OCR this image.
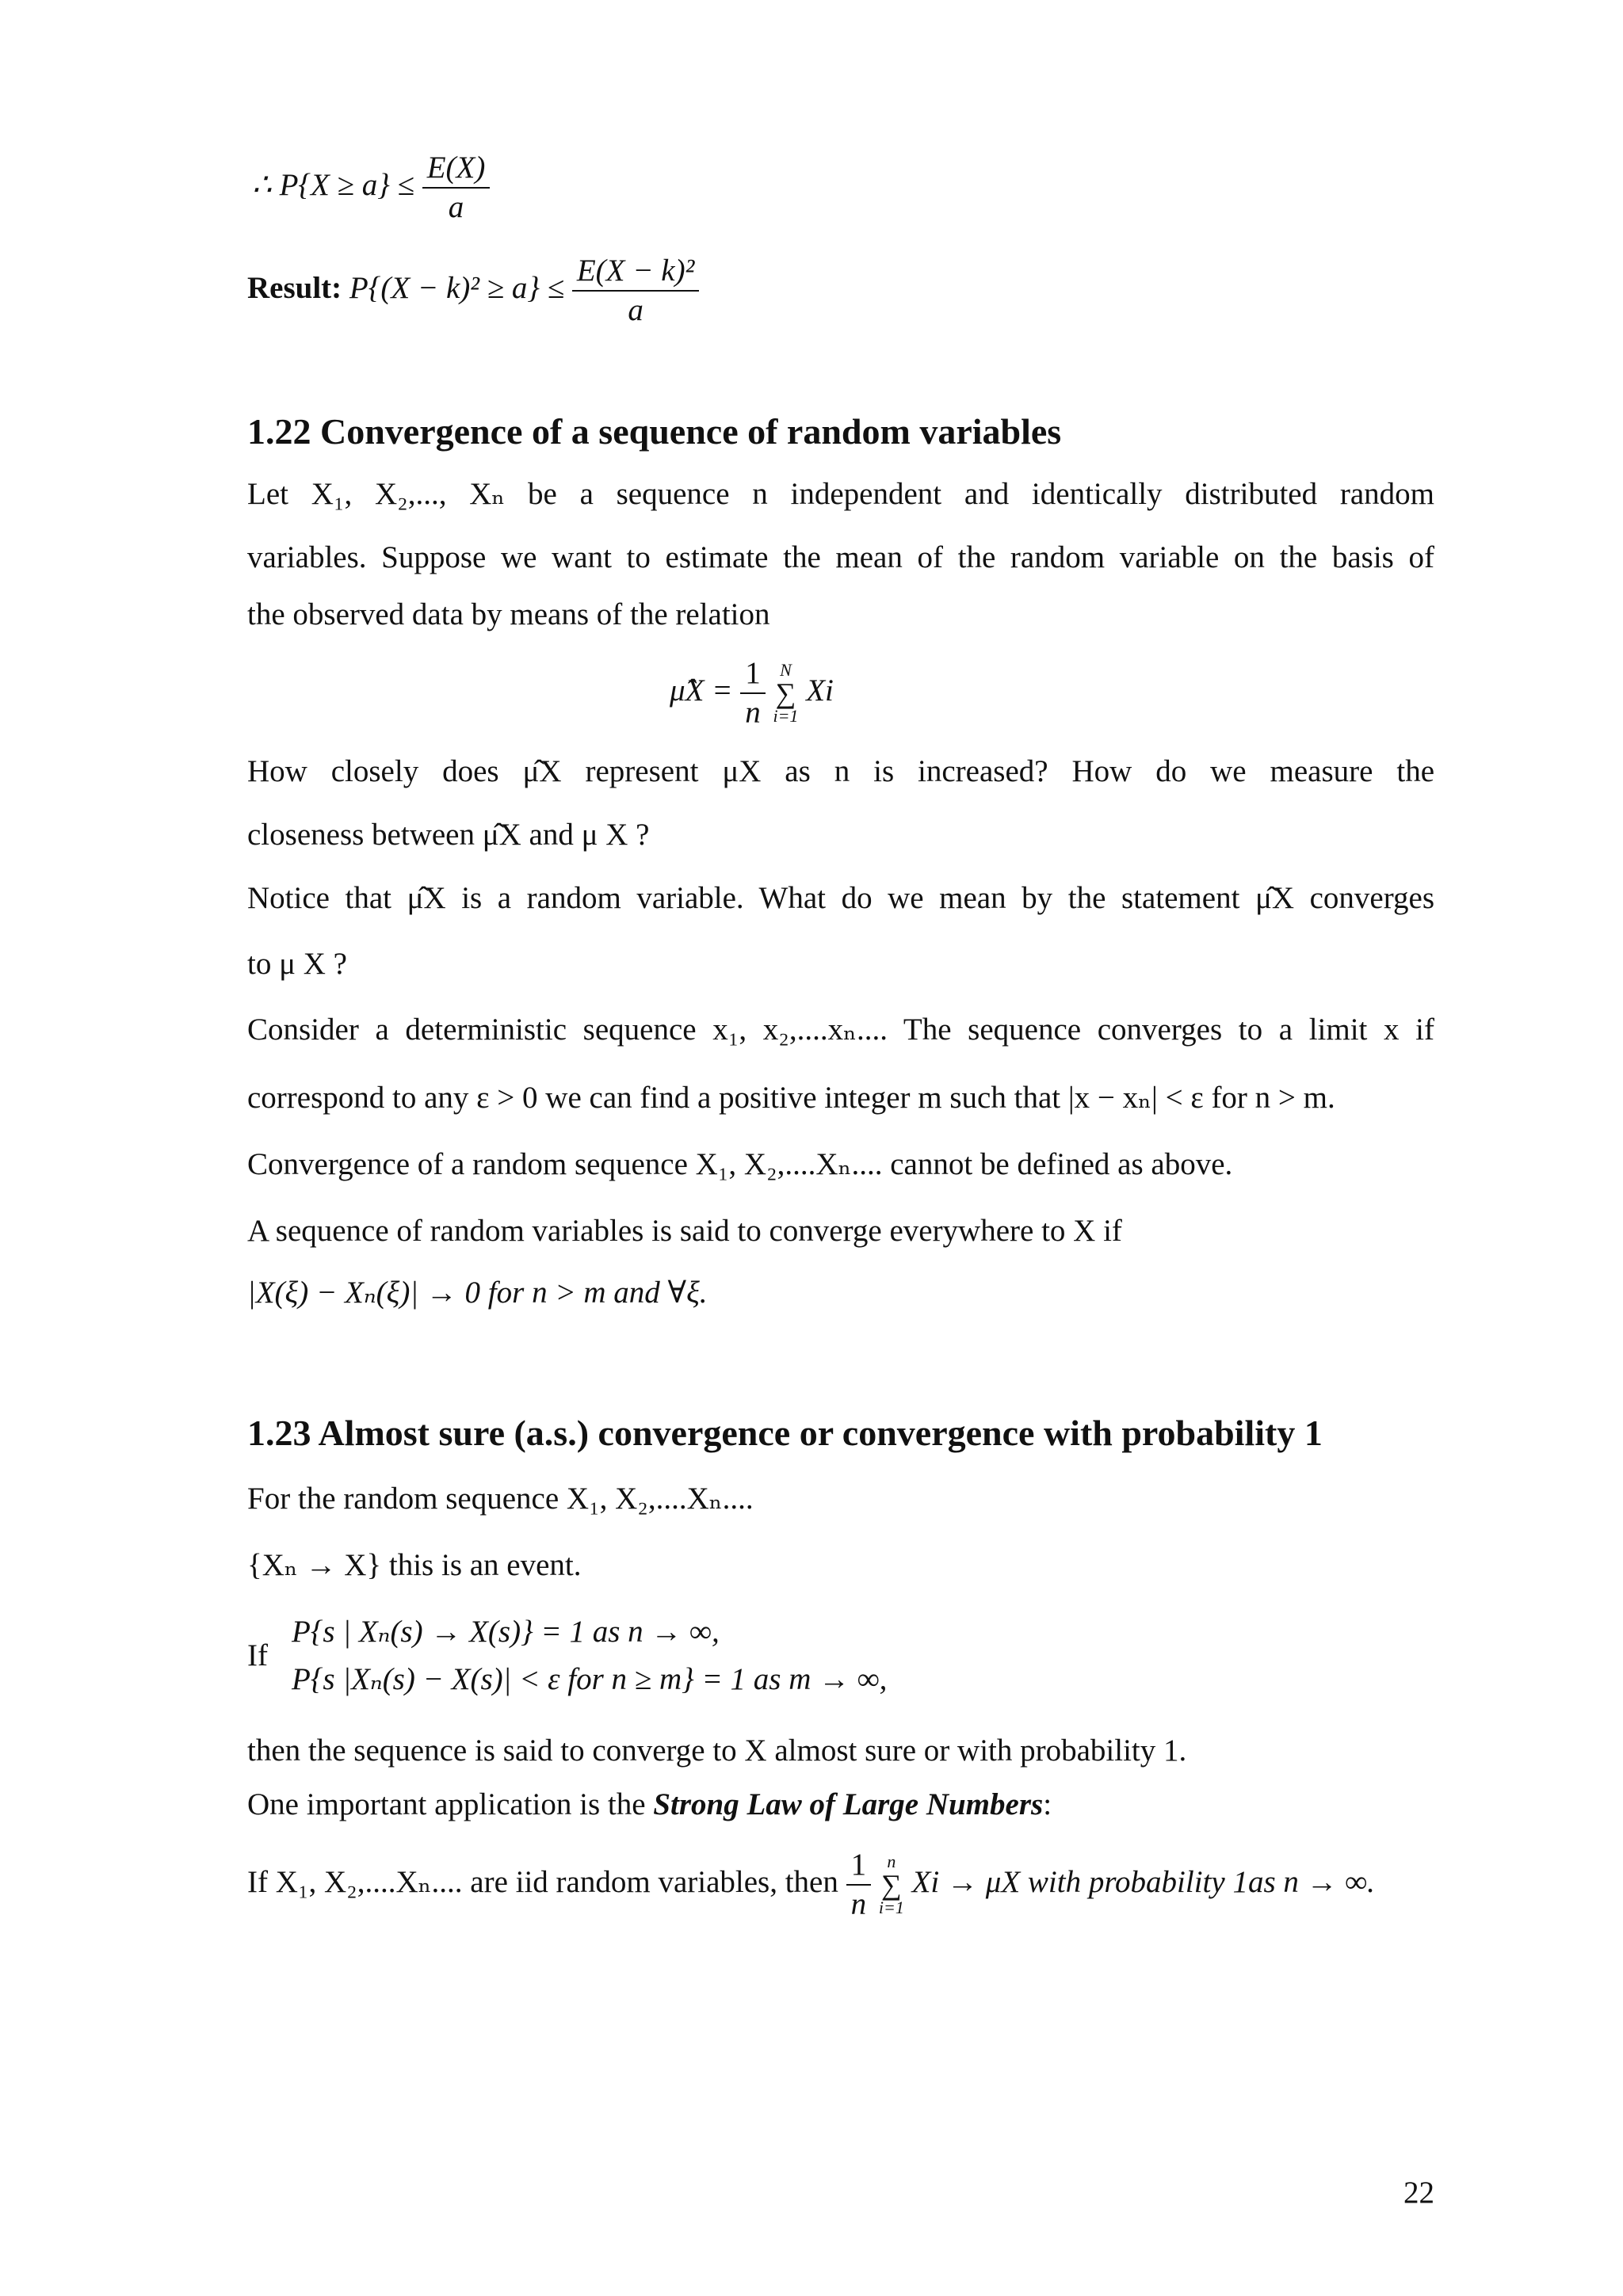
∴ $P\{X \ge a\} \le \frac{E(X)}{a}$
Result: $P\{(X - k)^2 \ge a\} \le \frac{\text{E(X − k)²}}{a}$
1.22 Convergence of a sequence of random variables
Let X₁, X₂,..., Xₙ be a sequence n independent and identically distributed random
variables. Suppose we want to estimate the mean of the random variable on the basis of
the observed data by means of the relation
μ̂X = $\frac{1}{n}$
N
∑
i=1
Xi
How closely does μ̂X represent μX as n is increased? How do we measure the
closeness between μ̂X and μ X ?
Notice that μ̂X is a random variable. What do we mean by the statement μ̂X converges
to μ X ?
Consider a deterministic sequence x₁, x₂,....xₙ.... The sequence converges to a limit x if
correspond to any ε > 0 we can find a positive integer m such that |x − xₙ| < ε for n > m.
Convergence of a random sequence X₁, X₂,....Xₙ.... cannot be defined as above.
A sequence of random variables is said to converge everywhere to X if
|X(ξ) − Xₙ(ξ)| → 0 for n > m and ∀ξ.
1.23 Almost sure (a.s.) convergence or convergence with probability 1
For the random sequence X₁, X₂,....Xₙ....
{Xₙ → X} this is an event.
If
P{s | Xₙ(s) → X(s)} = 1 as n → ∞,
P{s |Xₙ(s) − X(s)| < ε for n ≥ m} = 1 as m → ∞,
then the sequence is said to converge to X almost sure or with probability 1.
One important application is the Strong Law of Large Numbers:
If X₁, X₂,....Xₙ.... are iid random variables, then $\frac{1}{n}$
n
∑
i=1
Xi → μX with probability 1as n → ∞.
22
